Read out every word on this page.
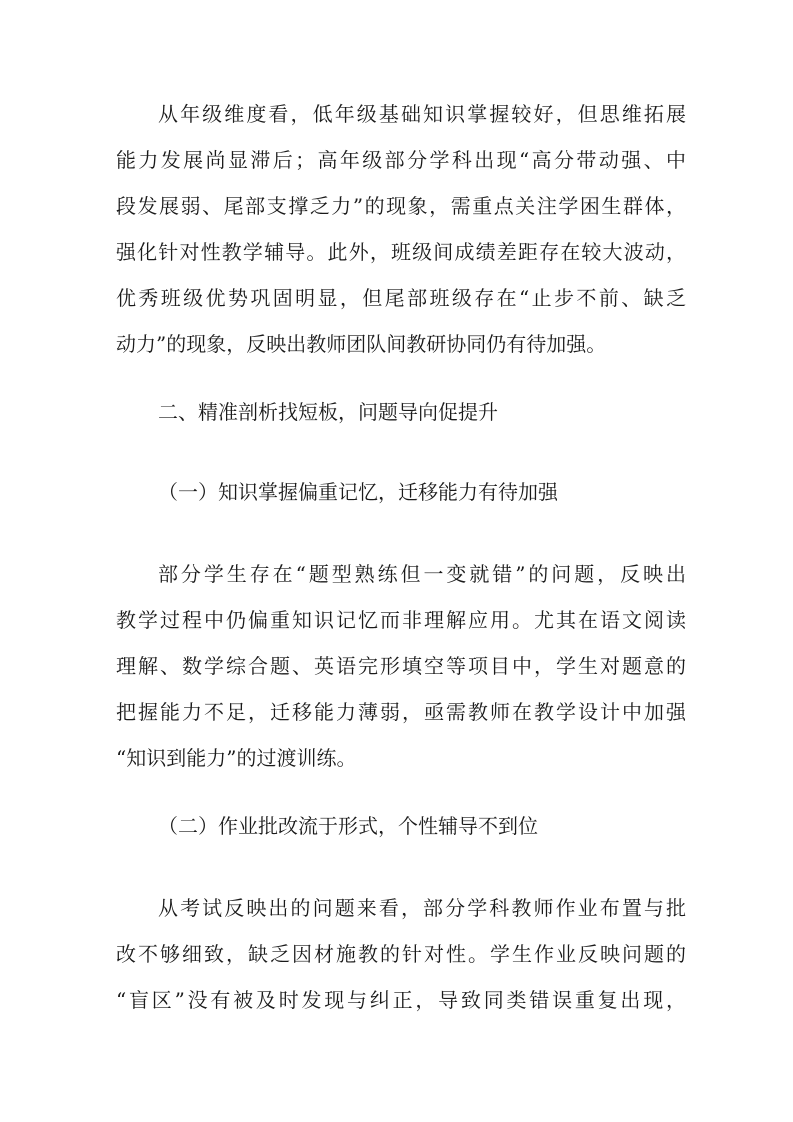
从年级维度看，低年级基础知识掌握较好，但思维拓展
能力发展尚显滞后；高年级部分学科出现“高分带动强、中
段发展弱、尾部支撑乏力”的现象，需重点关注学困生群体，
强化针对性教学辅导。此外，班级间成绩差距存在较大波动，
优秀班级优势巩固明显，但尾部班级存在“止步不前、缺乏
动力”的现象，反映出教师团队间教研协同仍有待加强。
二、精准剖析找短板，问题导向促提升
（一）知识掌握偏重记忆，迁移能力有待加强
部分学生存在“题型熟练但一变就错”的问题，反映出
教学过程中仍偏重知识记忆而非理解应用。尤其在语文阅读
理解、数学综合题、英语完形填空等项目中，学生对题意的
把握能力不足，迁移能力薄弱，亟需教师在教学设计中加强
“知识到能力”的过渡训练。
（二）作业批改流于形式，个性辅导不到位
从考试反映出的问题来看，部分学科教师作业布置与批
改不够细致，缺乏因材施教的针对性。学生作业反映问题的
“盲区”没有被及时发现与纠正，导致同类错误重复出现，
